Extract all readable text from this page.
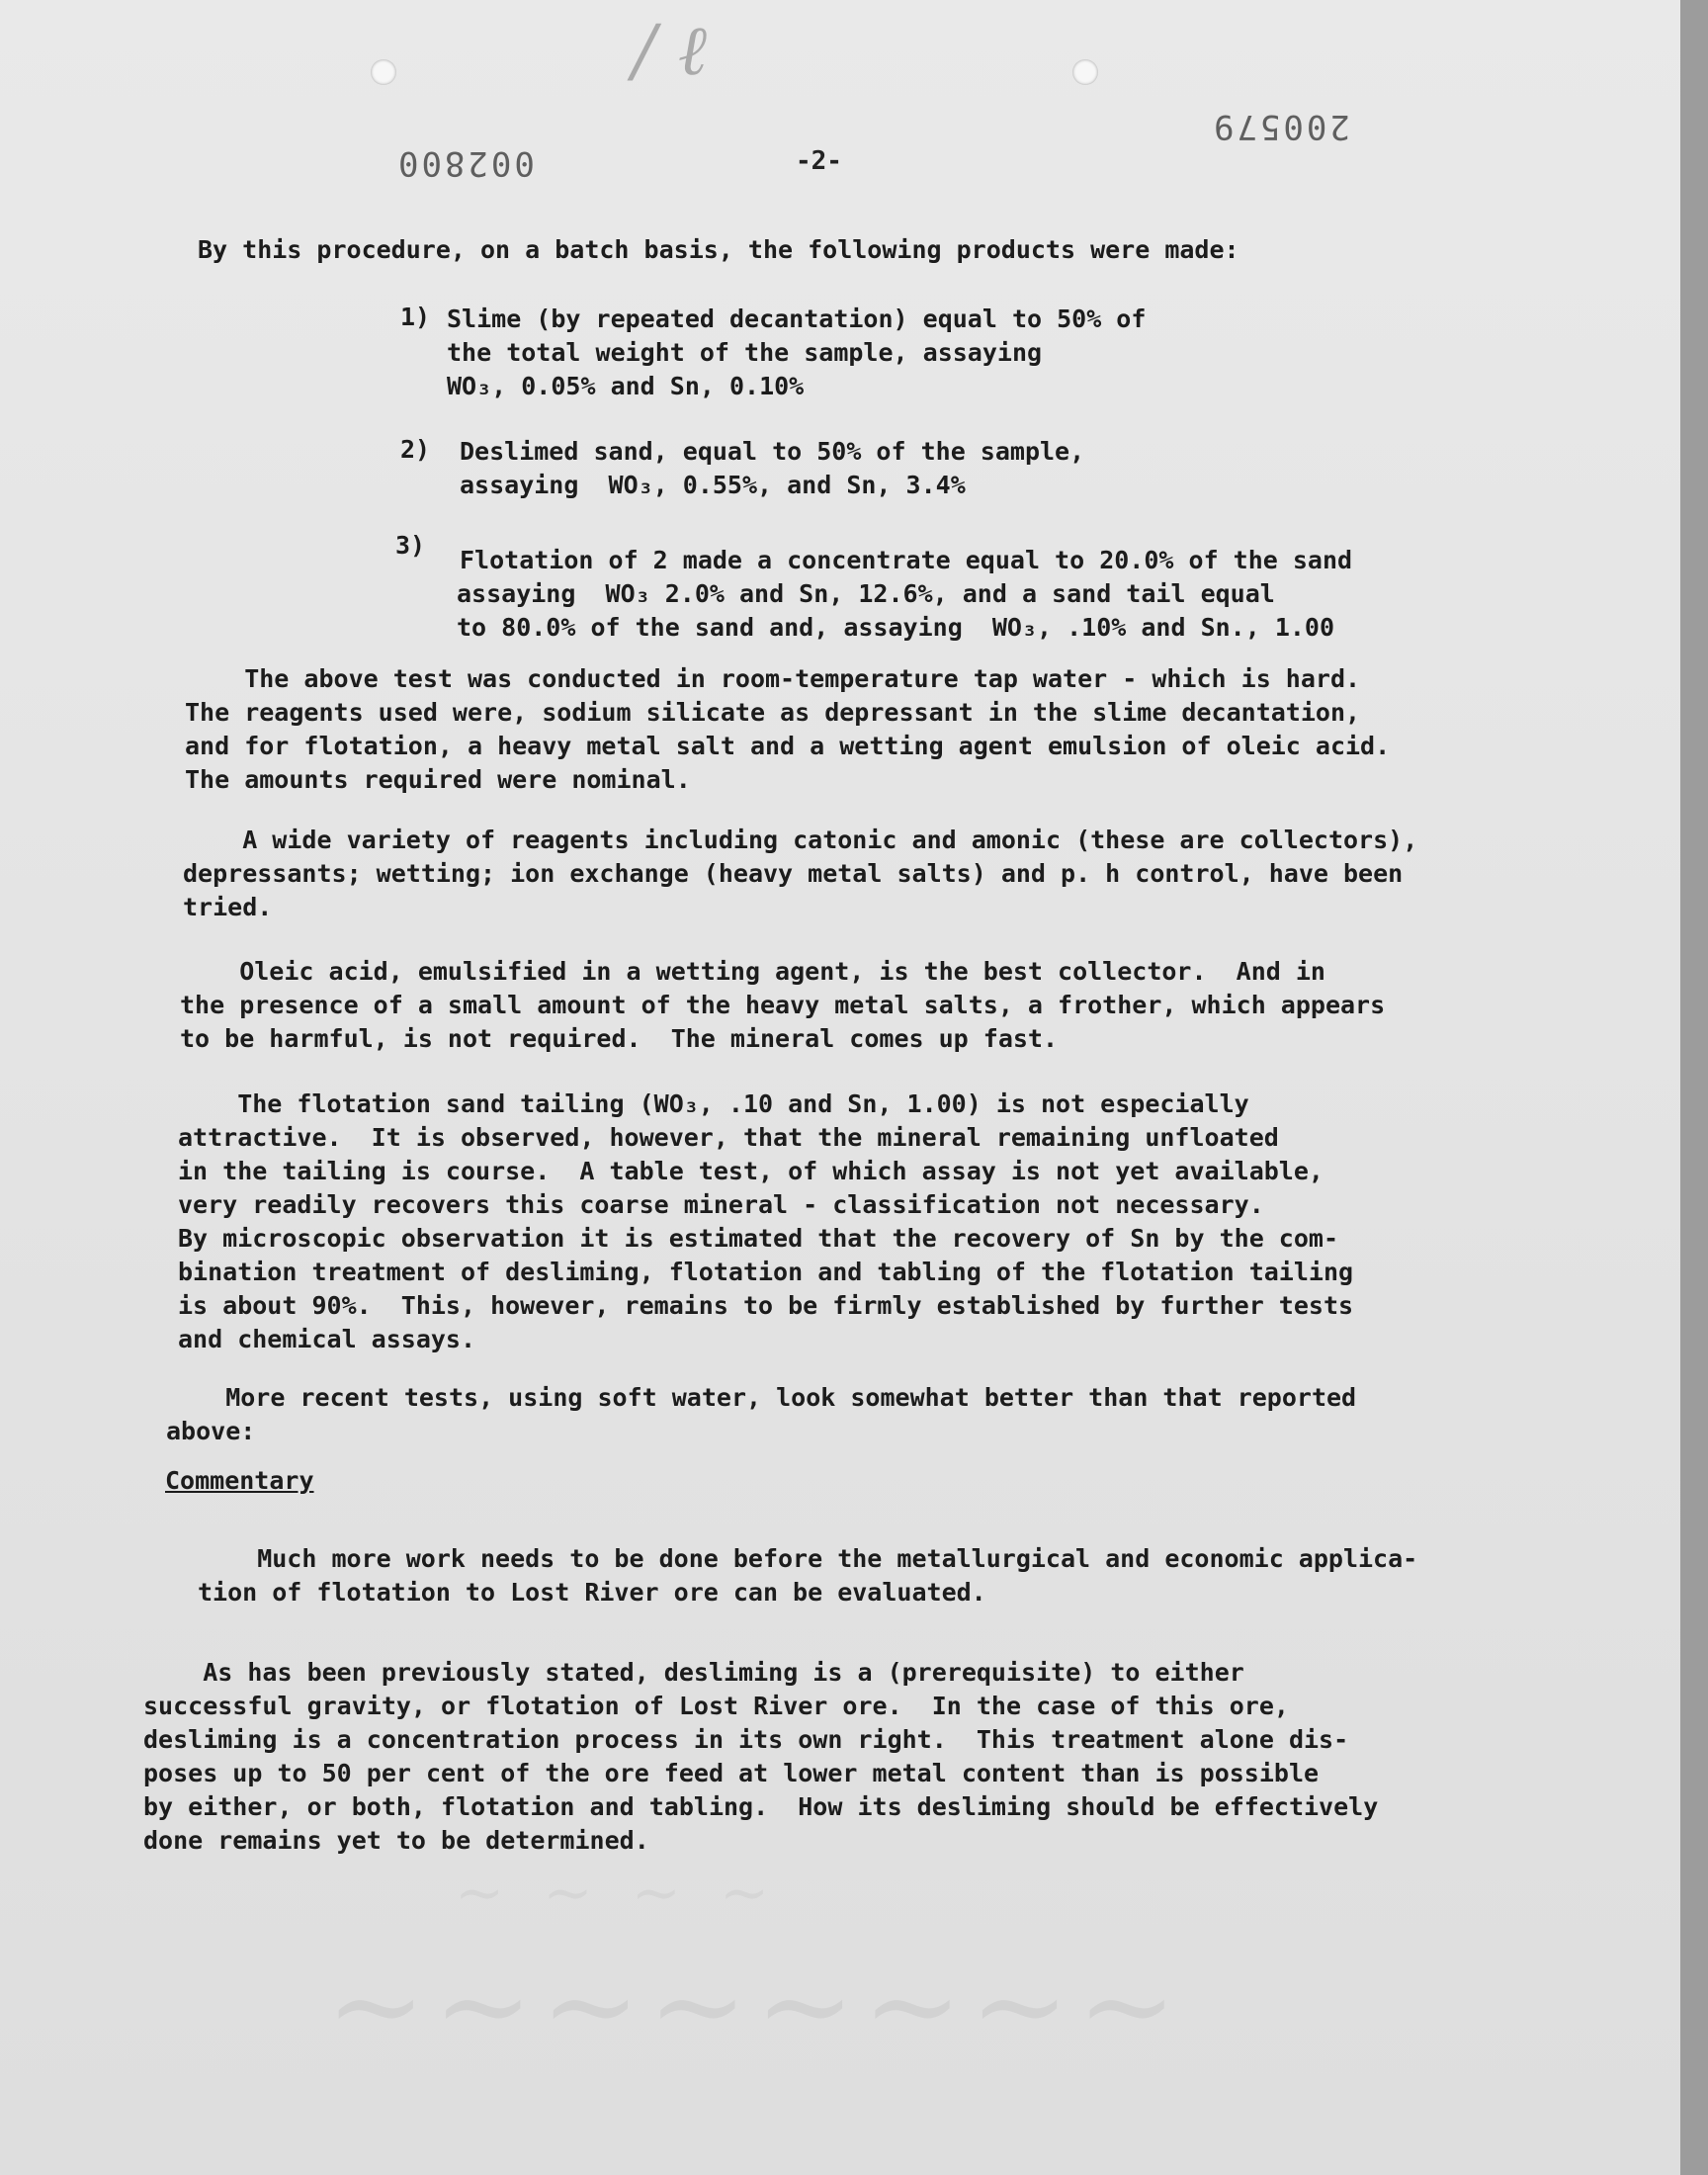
/ ℓ
002800
200579
-2-
By this procedure, on a batch basis, the following products were made:
1) Slime (by repeated decantation) equal to 50% of
the total weight of the sample, assaying
WO₃, 0.05% and Sn, 0.10%
2) Deslimed sand, equal to 50% of the sample,
assaying  WO₃, 0.55%, and Sn, 3.4%
3)
Flotation of 2 made a concentrate equal to 20.0% of the sand
assaying  WO₃ 2.0% and Sn, 12.6%, and a sand tail equal
to 80.0% of the sand and, assaying  WO₃, .10% and Sn., 1.00
The above test was conducted in room-temperature tap water - which is hard.
The reagents used were, sodium silicate as depressant in the slime decantation,
and for flotation, a heavy metal salt and a wetting agent emulsion of oleic acid.
The amounts required were nominal.
A wide variety of reagents including catonic and amonic (these are collectors),
depressants; wetting; ion exchange (heavy metal salts) and p. h control, have been
tried.
Oleic acid, emulsified in a wetting agent, is the best collector.  And in
the presence of a small amount of the heavy metal salts, a frother, which appears
to be harmful, is not required.  The mineral comes up fast.
The flotation sand tailing (WO₃, .10 and Sn, 1.00) is not especially
attractive.  It is observed, however, that the mineral remaining unfloated
in the tailing is course.  A table test, of which assay is not yet available,
very readily recovers this coarse mineral - classification not necessary.
By microscopic observation it is estimated that the recovery of Sn by the com-
bination treatment of desliming, flotation and tabling of the flotation tailing
is about 90%.  This, however, remains to be firmly established by further tests
and chemical assays.
More recent tests, using soft water, look somewhat better than that reported
above:
Commentary
Much more work needs to be done before the metallurgical and economic applica-
tion of flotation to Lost River ore can be evaluated.
As has been previously stated, desliming is a (prerequisite) to either
successful gravity, or flotation of Lost River ore.  In the case of this ore,
desliming is a concentration process in its own right.  This treatment alone dis-
poses up to 50 per cent of the ore feed at lower metal content than is possible
by either, or both, flotation and tabling.  How its desliming should be effectively
done remains yet to be determined.
∼ ∼ ∼ ∼
∼∼∼∼∼∼∼∼
